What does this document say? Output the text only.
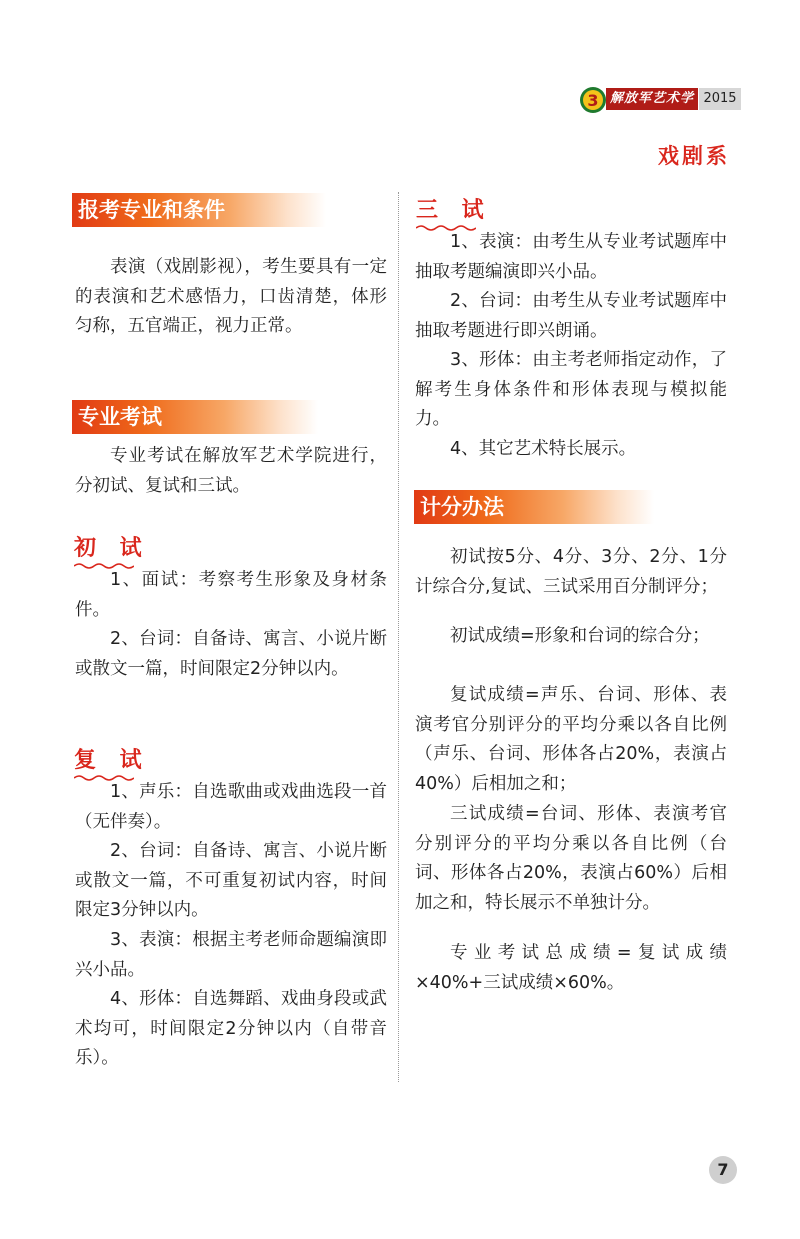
3 解放军艺术学院
2015
戏剧系
报考专业和条件

表演（戏剧影视），考生要具有一定的表演和艺术感悟力，口齿清楚，体形匀称，五官端正，视力正常。

专业考试

专业考试在解放军艺术学院进行，分初试、复试和三试。

初 试

1、面试：考察考生形象及身材条件。

2、台词：自备诗、寓言、小说片断或散文一篇，时间限定2分钟以内。

复 试

1、声乐：自选歌曲或戏曲选段一首（无伴奏）。

2、台词：自备诗、寓言、小说片断或散文一篇，不可重复初试内容，时间限定3分钟以内。

3、表演：根据主考老师命题编演即兴小品。

4、形体：自选舞蹈、戏曲身段或武术均可，时间限定2分钟以内（自带音乐）。

三 试

1、表演：由考生从专业考试题库中抽取考题编演即兴小品。

2、台词：由考生从专业考试题库中抽取考题进行即兴朗诵。

3、形体：由主考老师指定动作，了解考生身体条件和形体表现与模拟能力。

4、其它艺术特长展示。

计分办法

初试按5分、4分、3分、2分、1分计综合分,复试、三试采用百分制评分；

初试成绩=形象和台词的综合分；

复试成绩=声乐、台词、形体、表演考官分别评分的平均分乘以各自比例（声乐、台词、形体各占20%，表演占40%）后相加之和；

三试成绩=台词、形体、表演考官分别评分的平均分乘以各自比例（台词、形体各占20%，表演占60%）后相加之和，特长展示不单独计分。

专业考试总成绩=复试成绩×40%+三试成绩×60%。

7
